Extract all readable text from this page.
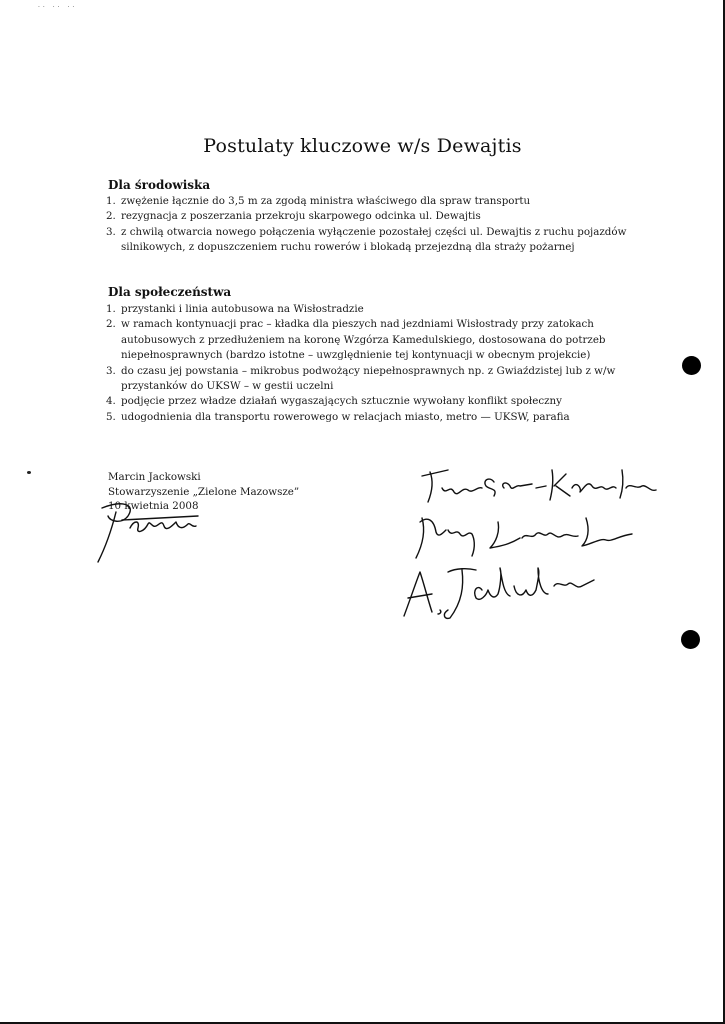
·· ·· ··
Postulaty kluczowe w/s Dewajtis
Dla środowiska
1. zwężenie łącznie do 3,5 m za zgodą ministra właściwego dla spraw transportu
2. rezygnacja z poszerzania przekroju skarpowego odcinka ul. Dewajtis
3. z chwilą otwarcia nowego połączenia wyłączenie pozostałej części ul. Dewajtis z ruchu pojazdów silnikowych, z dopuszczeniem ruchu rowerów i blokadą przejezdną dla straży pożarnej
Dla społeczeństwa
1. przystanki i linia autobusowa na Wisłostradzie
2. w ramach kontynuacji prac – kładka dla pieszych nad jezdniami Wisłostrady przy zatokach autobusowych z przedłużeniem na koronę Wzgórza Kamedulskiego, dostosowana do potrzeb niepełnosprawnych (bardzo istotne – uwzględnienie tej kontynuacji w obecnym projekcie)
3. do czasu jej powstania – mikrobus podwożący niepełnosprawnych np. z Gwiaździstej lub z w/w przystanków do UKSW – w gestii uczelni
4. podjęcie przez władze działań wygaszających sztucznie wywołany konflikt społeczny
5. udogodnienia dla transportu rowerowego w relacjach miasto, metro — UKSW, parafia
Marcin Jackowski
Stowarzyszenie „Zielone Mazowsze”
10 kwietnia 2008
